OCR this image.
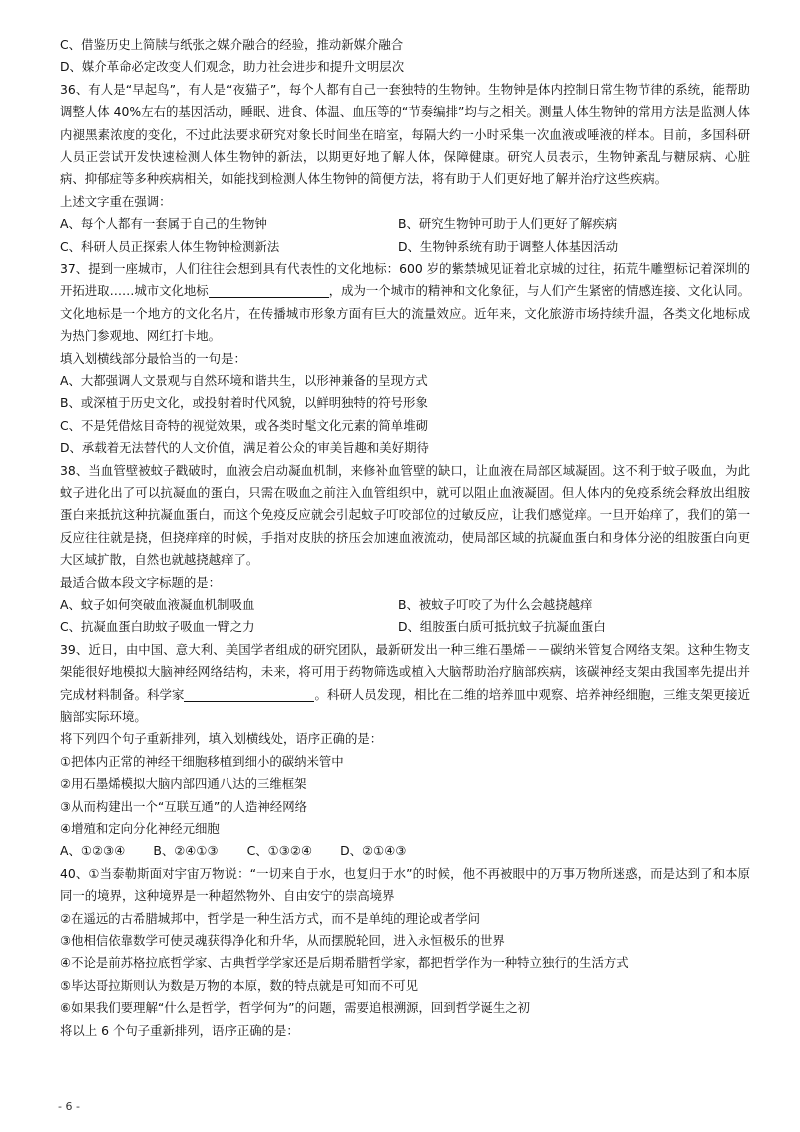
C、借鉴历史上简牍与纸张之媒介融合的经验，推动新媒介融合
D、媒介革命必定改变人们观念，助力社会进步和提升文明层次
36、有人是“早起鸟”，有人是“夜猫子”，每个人都有自己一套独特的生物钟。生物钟是体内控制日常生物节律的系统，能帮助调整人体 40%左右的基因活动，睡眠、进食、体温、血压等的“节奏编排”均与之相关。测量人体生物钟的常用方法是监测人体内褪黑素浓度的变化，不过此法要求研究对象长时间坐在暗室，每隔大约一小时采集一次血液或唾液的样本。目前，多国科研人员正尝试开发快速检测人体生物钟的新法，以期更好地了解人体，保障健康。研究人员表示，生物钟紊乱与糖尿病、心脏病、抑郁症等多种疾病相关，如能找到检测人体生物钟的简便方法，将有助于人们更好地了解并治疗这些疾病。
上述文字重在强调：
A、每个人都有一套属于自己的生物钟	B、研究生物钟可助于人们更好了解疾病
C、科研人员正探索人体生物钟检测新法	D、生物钟系统有助于调整人体基因活动
37、提到一座城市，人们往往会想到具有代表性的文化地标：600 岁的紫禁城见证着北京城的过往，拓荒牛雕塑标记着深圳的开拓进取……城市文化地标	，成为一个城市的精神和文化象征，与人们产生紧密的情感连接、文化认同。文化地标是一个地方的文化名片，在传播城市形象方面有巨大的流量效应。近年来，文化旅游市场持续升温，各类文化地标成为热门参观地、网红打卡地。
填入划横线部分最恰当的一句是：
A、大都强调人文景观与自然环境和谐共生，以形神兼备的呈现方式
B、或深植于历史文化，或投射着时代风貌，以鲜明独特的符号形象
C、不是凭借炫目奇特的视觉效果，或各类时髦文化元素的简单堆砌
D、承载着无法替代的人文价值，满足着公众的审美旨趣和美好期待
38、当血管壁被蚊子戳破时，血液会启动凝血机制，来修补血管壁的缺口，让血液在局部区域凝固。这不利于蚊子吸血，为此蚊子进化出了可以抗凝血的蛋白，只需在吸血之前注入血管组织中，就可以阻止血液凝固。但人体内的免疫系统会释放出组胺蛋白来抵抗这种抗凝血蛋白，而这个免疫反应就会引起蚊子叮咬部位的过敏反应，让我们感觉痒。一旦开始痒了，我们的第一反应往往就是挠，但挠痒痒的时候，手指对皮肤的挤压会加速血液流动，使局部区域的抗凝血蛋白和身体分泌的组胺蛋白向更大区域扩散，自然也就越挠越痒了。
最适合做本段文字标题的是：
A、蚊子如何突破血液凝血机制吸血	B、被蚊子叮咬了为什么会越挠越痒
C、抗凝血蛋白助蚊子吸血一臂之力	D、组胺蛋白质可抵抗蚊子抗凝血蛋白
39、近日，由中国、意大利、美国学者组成的研究团队，最新研发出一种三维石墨烯－－碳纳米管复合网络支架。这种生物支架能很好地模拟大脑神经网络结构，未来，将可用于药物筛选或植入大脑帮助治疗脑部疾病，该碳神经支架由我国率先提出并完成材料制备。科学家	。科研人员发现，相比在二维的培养皿中观察、培养神经细胞，三维支架更接近脑部实际环境。
将下列四个句子重新排列，填入划横线处，语序正确的是：
①把体内正常的神经干细胞移植到细小的碳纳米管中
②用石墨烯模拟大脑内部四通八达的三维框架
③从而构建出一个“互联互通”的人造神经网络
④增殖和定向分化神经元细胞
A、①②③④ B、②④①③ C、①③②④ D、②①④③
40、①当泰勒斯面对宇宙万物说：“一切来自于水，也复归于水”的时候，他不再被眼中的万事万物所迷惑，而是达到了和本原同一的境界，这种境界是一种超然物外、自由安宁的崇高境界
②在遥远的古希腊城邦中，哲学是一种生活方式，而不是单纯的理论或者学问
③他相信依靠数学可使灵魂获得净化和升华，从而摆脱轮回，进入永恒极乐的世界
④不论是前苏格拉底哲学家、古典哲学学家还是后期希腊哲学家，都把哲学作为一种特立独行的生活方式
⑤毕达哥拉斯则认为数是万物的本原，数的特点就是可知而不可见
⑥如果我们要理解“什么是哲学，哲学何为”的问题，需要追根溯源，回到哲学诞生之初
将以上 6 个句子重新排列，语序正确的是：
- 6 -
